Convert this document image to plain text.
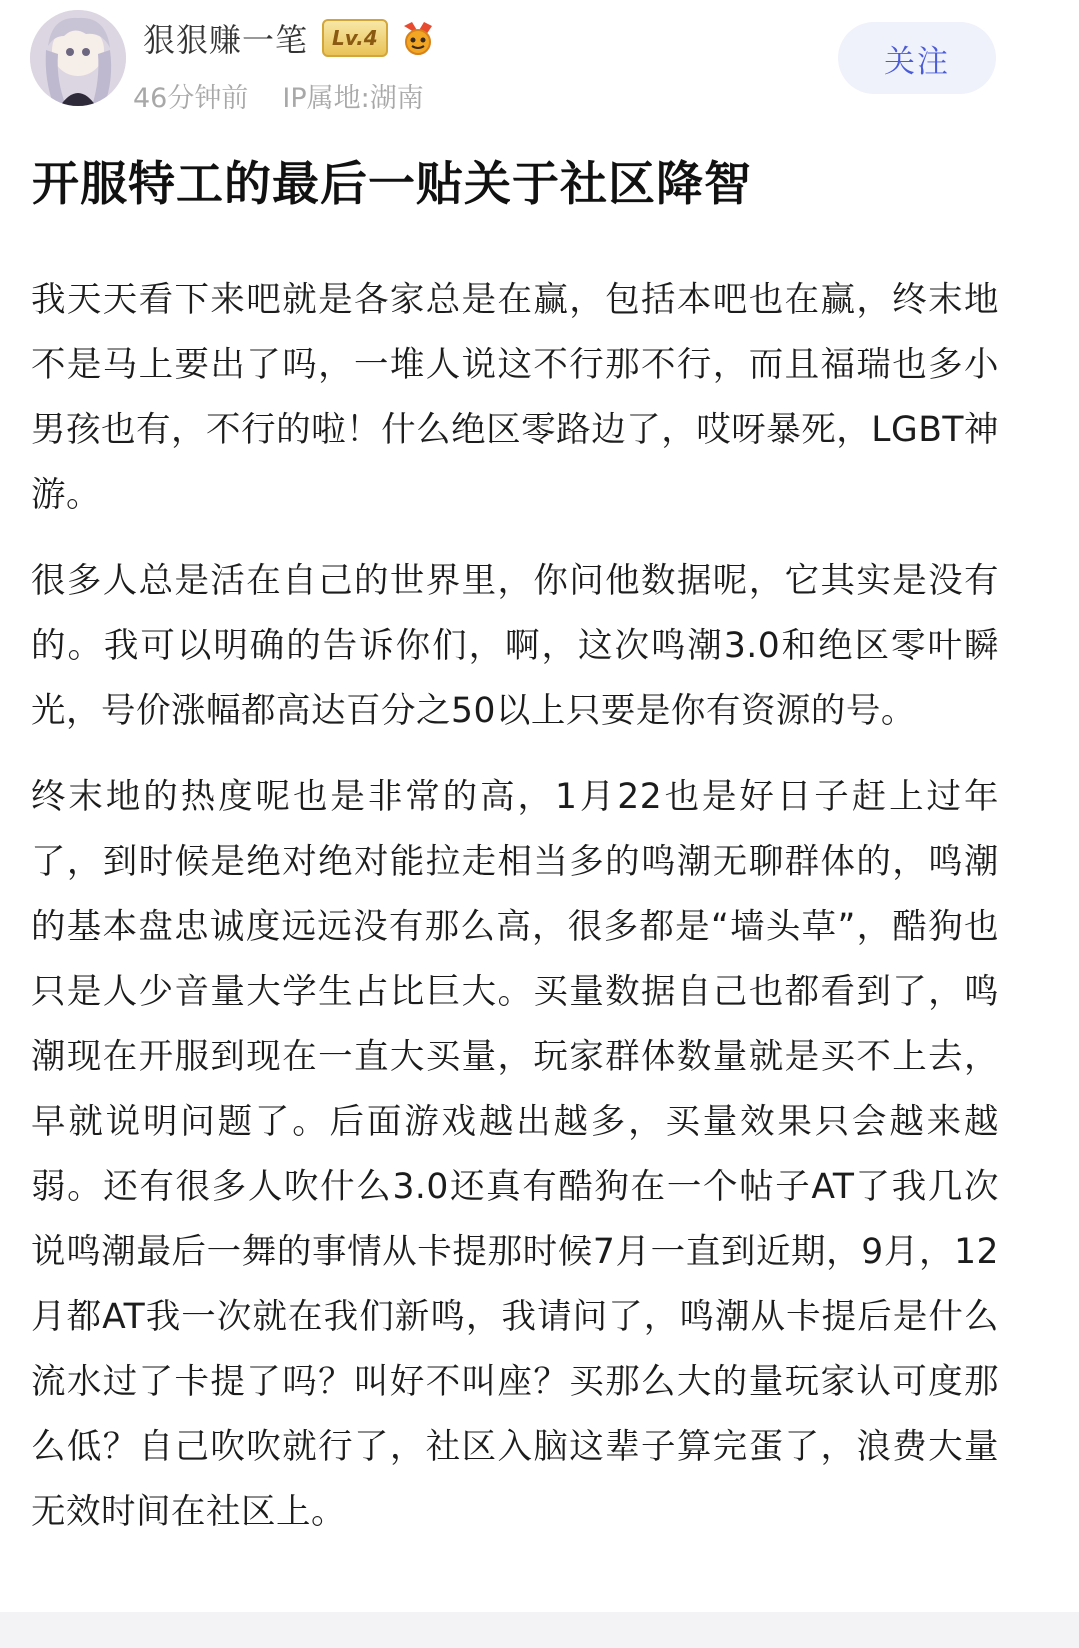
狠狠赚一笔	Lv.4
46分钟前 IP属地:湖南
关注
开服特工的最后一贴关于社区降智

我天天看下来吧就是各家总是在赢，包括本吧也在赢，终末地不是马上要出了吗，一堆人说这不行那不行，而且福瑞也多小男孩也有，不行的啦！什么绝区零路边了，哎呀暴死，LGBT神游。

很多人总是活在自己的世界里，你问他数据呢，它其实是没有的。我可以明确的告诉你们，啊，这次鸣潮3.0和绝区零叶瞬光，号价涨幅都高达百分之50以上只要是你有资源的号。

终末地的热度呢也是非常的高，1月22也是好日子赶上过年了，到时候是绝对绝对能拉走相当多的鸣潮无聊群体的，鸣潮的基本盘忠诚度远远没有那么高，很多都是“墙头草”，酷狗也只是人少音量大学生占比巨大。买量数据自己也都看到了，鸣潮现在开服到现在一直大买量，玩家群体数量就是买不上去，早就说明问题了。后面游戏越出越多，买量效果只会越来越弱。还有很多人吹什么3.0还真有酷狗在一个帖子AT了我几次说鸣潮最后一舞的事情从卡提那时候7月一直到近期，9月，12月都AT我一次就在我们新鸣，我请问了，鸣潮从卡提后是什么流水过了卡提了吗？叫好不叫座？买那么大的量玩家认可度那么低？自己吹吹就行了，社区入脑这辈子算完蛋了，浪费大量无效时间在社区上。
